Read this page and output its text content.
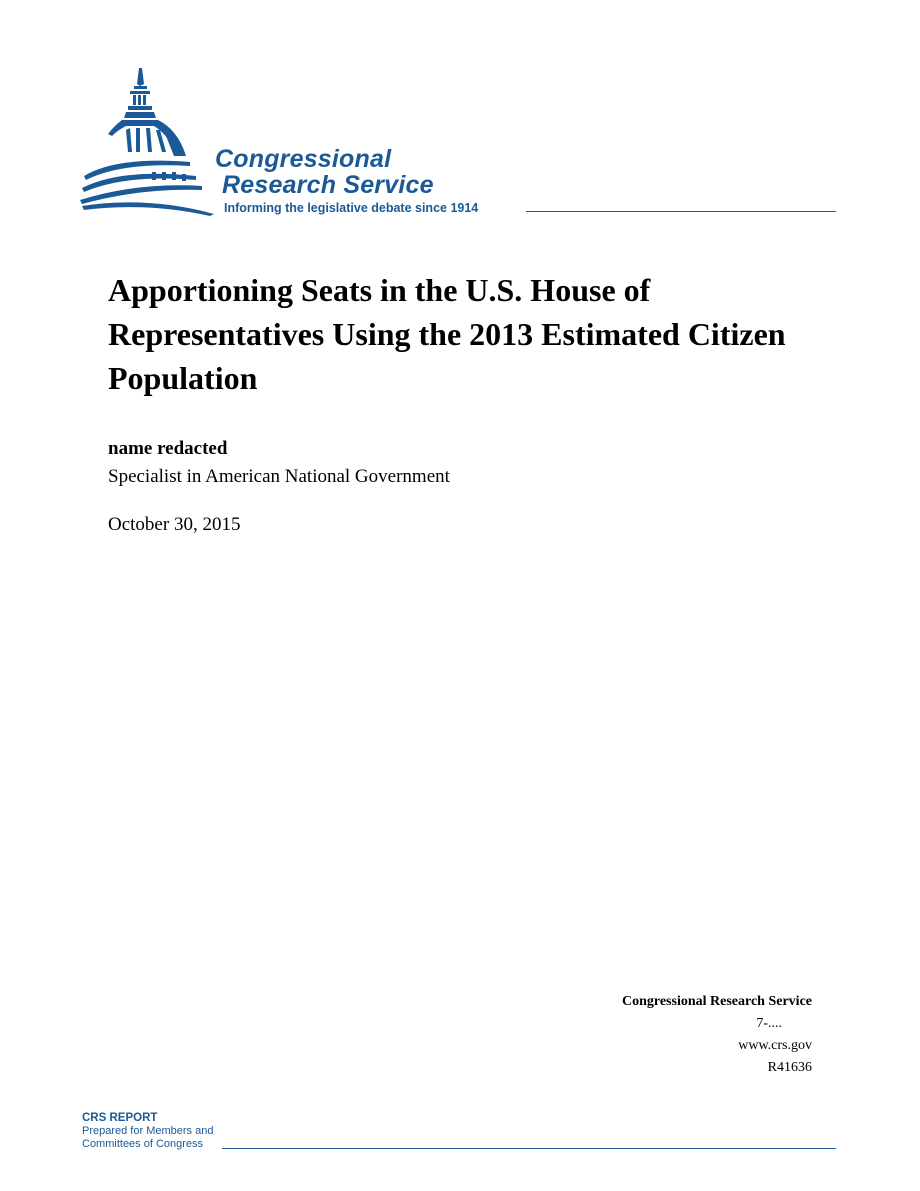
Congressional
Research Service
Informing the legislative debate since 1914
Apportioning Seats in the U.S. House of Representatives Using the 2013 Estimated Citizen Population
name redacted
Specialist in American National Government
October 30, 2015
Congressional Research Service
7-....
www.crs.gov
R41636
CRS REPORT
Prepared for Members and
Committees of Congress
